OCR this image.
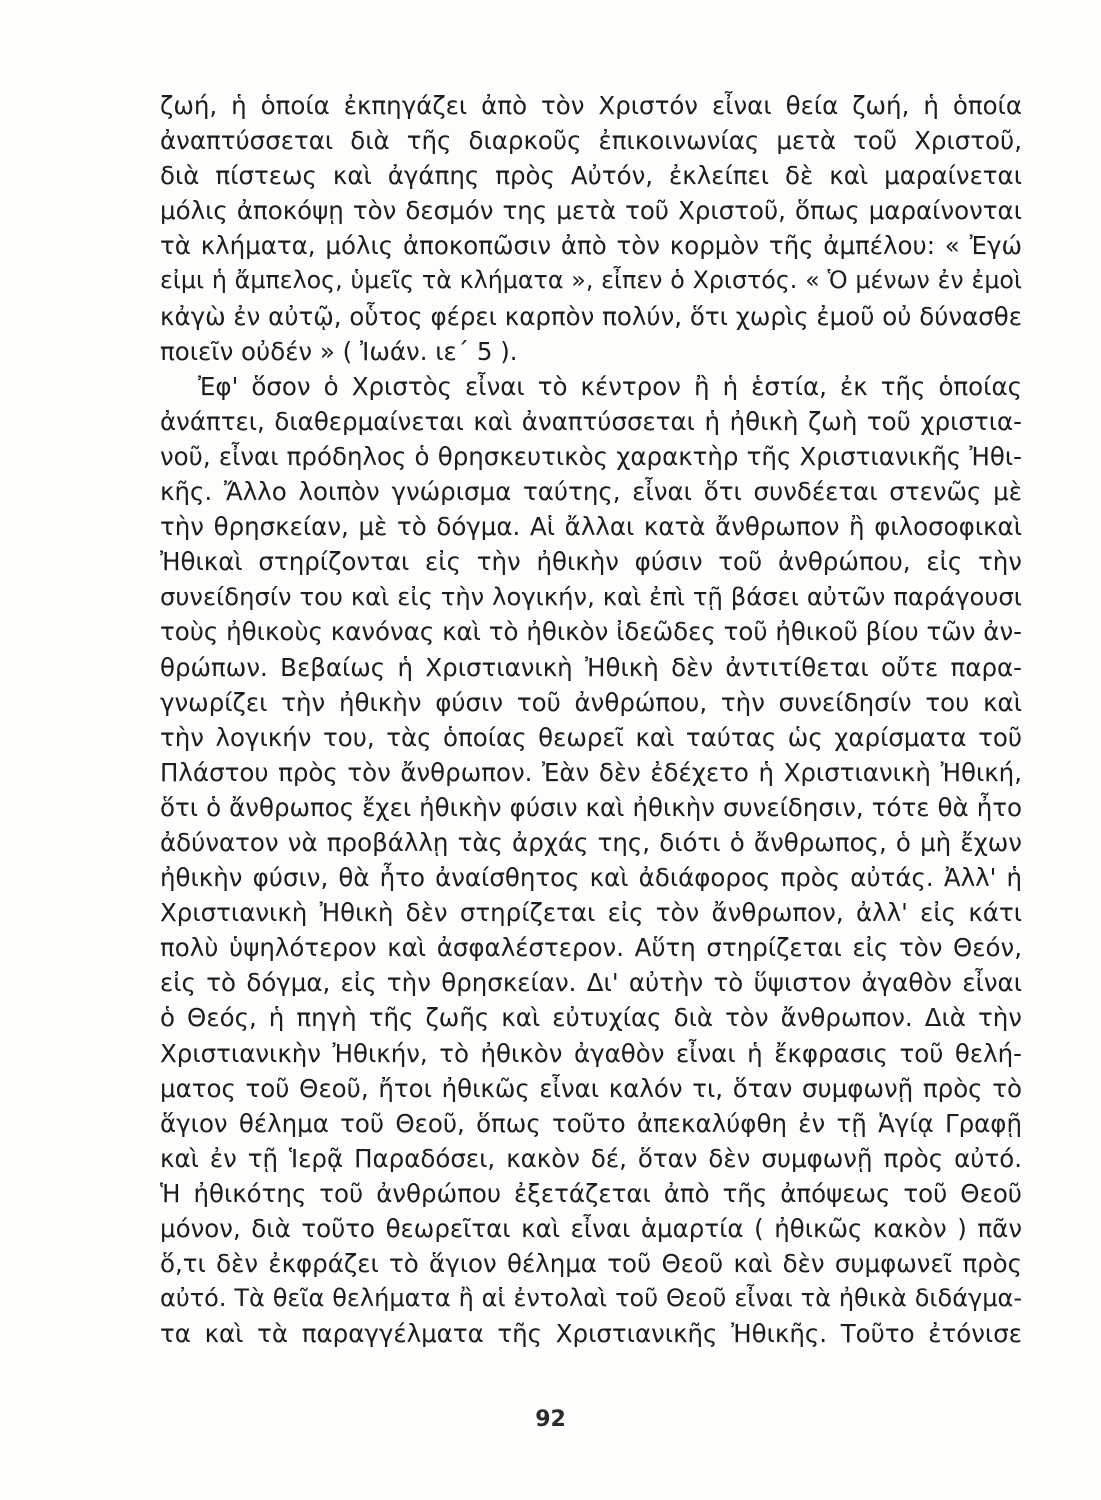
ζωή, ἡ ὁποία ἐκπηγάζει ἀπὸ τὸν Χριστόν εἶναι θεία ζωή, ἡ ὁποία
ἀναπτύσσεται διὰ τῆς διαρκοῦς ἐπικοινωνίας μετὰ τοῦ Χριστοῦ,
διὰ πίστεως καὶ ἀγάπης πρὸς Αὐτόν, ἐκλείπει δὲ καὶ μαραίνεται
μόλις ἀποκόψῃ τὸν δεσμόν της μετὰ τοῦ Χριστοῦ, ὅπως μαραίνονται
τὰ κλήματα, μόλις ἀποκοπῶσιν ἀπὸ τὸν κορμὸν τῆς ἀμπέλου: « Ἐγώ
εἰμι ἡ ἄμπελος, ὑμεῖς τὰ κλήματα », εἶπεν ὁ Χριστός. « Ὁ μένων ἐν ἐμοὶ
κἀγὼ ἐν αὐτῷ, οὗτος φέρει καρπὸν πολύν, ὅτι χωρὶς ἐμοῦ οὐ δύνασθε
ποιεῖν οὐδέν » ( Ἰωάν. ιε΄ 5 ).
Ἐφ' ὅσον ὁ Χριστὸς εἶναι τὸ κέντρον ἢ ἡ ἑστία, ἐκ τῆς ὁποίας
ἀνάπτει, διαθερμαίνεται καὶ ἀναπτύσσεται ἡ ἠθικὴ ζωὴ τοῦ χριστια-
νοῦ, εἶναι πρόδηλος ὁ θρησκευτικὸς χαρακτὴρ τῆς Χριστιανικῆς Ἠθι-
κῆς. Ἄλλο λοιπὸν γνώρισμα ταύτης, εἶναι ὅτι συνδέεται στενῶς μὲ
τὴν θρησκείαν, μὲ τὸ δόγμα. Αἱ ἄλλαι κατὰ ἄνθρωπον ἢ φιλοσοφικαὶ
Ἠθικαὶ στηρίζονται εἰς τὴν ἠθικὴν φύσιν τοῦ ἀνθρώπου, εἰς τὴν
συνείδησίν του καὶ εἰς τὴν λογικήν, καὶ ἐπὶ τῇ βάσει αὐτῶν παράγουσι
τοὺς ἠθικοὺς κανόνας καὶ τὸ ἠθικὸν ἰδεῶδες τοῦ ἠθικοῦ βίου τῶν ἀν-
θρώπων. Βεβαίως ἡ Χριστιανικὴ Ἠθικὴ δὲν ἀντιτίθεται οὔτε παρα-
γνωρίζει τὴν ἠθικὴν φύσιν τοῦ ἀνθρώπου, τὴν συνείδησίν του καὶ
τὴν λογικήν του, τὰς ὁποίας θεωρεῖ καὶ ταύτας ὡς χαρίσματα τοῦ
Πλάστου πρὸς τὸν ἄνθρωπον. Ἐὰν δὲν ἐδέχετο ἡ Χριστιανικὴ Ἠθική,
ὅτι ὁ ἄνθρωπος ἔχει ἠθικὴν φύσιν καὶ ἠθικὴν συνείδησιν, τότε θὰ ἦτο
ἀδύνατον νὰ προβάλλῃ τὰς ἀρχάς της, διότι ὁ ἄνθρωπος, ὁ μὴ ἔχων
ἠθικὴν φύσιν, θὰ ἦτο ἀναίσθητος καὶ ἀδιάφορος πρὸς αὐτάς. Ἀλλ' ἡ
Χριστιανικὴ Ἠθικὴ δὲν στηρίζεται εἰς τὸν ἄνθρωπον, ἀλλ' εἰς κάτι
πολὺ ὑψηλότερον καὶ ἀσφαλέστερον. Αὕτη στηρίζεται εἰς τὸν Θεόν,
εἰς τὸ δόγμα, εἰς τὴν θρησκείαν. Δι' αὐτὴν τὸ ὕψιστον ἀγαθὸν εἶναι
ὁ Θεός, ἡ πηγὴ τῆς ζωῆς καὶ εὐτυχίας διὰ τὸν ἄνθρωπον. Διὰ τὴν
Χριστιανικὴν Ἠθικήν, τὸ ἠθικὸν ἀγαθὸν εἶναι ἡ ἔκφρασις τοῦ θελή-
ματος τοῦ Θεοῦ, ἤτοι ἠθικῶς εἶναι καλόν τι, ὅταν συμφωνῇ πρὸς τὸ
ἅγιον θέλημα τοῦ Θεοῦ, ὅπως τοῦτο ἀπεκαλύφθη ἐν τῇ Ἁγίᾳ Γραφῇ
καὶ ἐν τῇ Ἱερᾷ Παραδόσει, κακὸν δέ, ὅταν δὲν συμφωνῇ πρὸς αὐτό.
Ἡ ἠθικότης τοῦ ἀνθρώπου ἐξετάζεται ἀπὸ τῆς ἀπόψεως τοῦ Θεοῦ
μόνον, διὰ τοῦτο θεωρεῖται καὶ εἶναι ἁμαρτία ( ἠθικῶς κακὸν ) πᾶν
ὅ,τι δὲν ἐκφράζει τὸ ἅγιον θέλημα τοῦ Θεοῦ καὶ δὲν συμφωνεῖ πρὸς
αὐτό. Τὰ θεῖα θελήματα ἢ αἱ ἐντολαὶ τοῦ Θεοῦ εἶναι τὰ ἠθικὰ διδάγμα-
τα καὶ τὰ παραγγέλματα τῆς Χριστιανικῆς Ἠθικῆς. Τοῦτο ἐτόνισε
92
